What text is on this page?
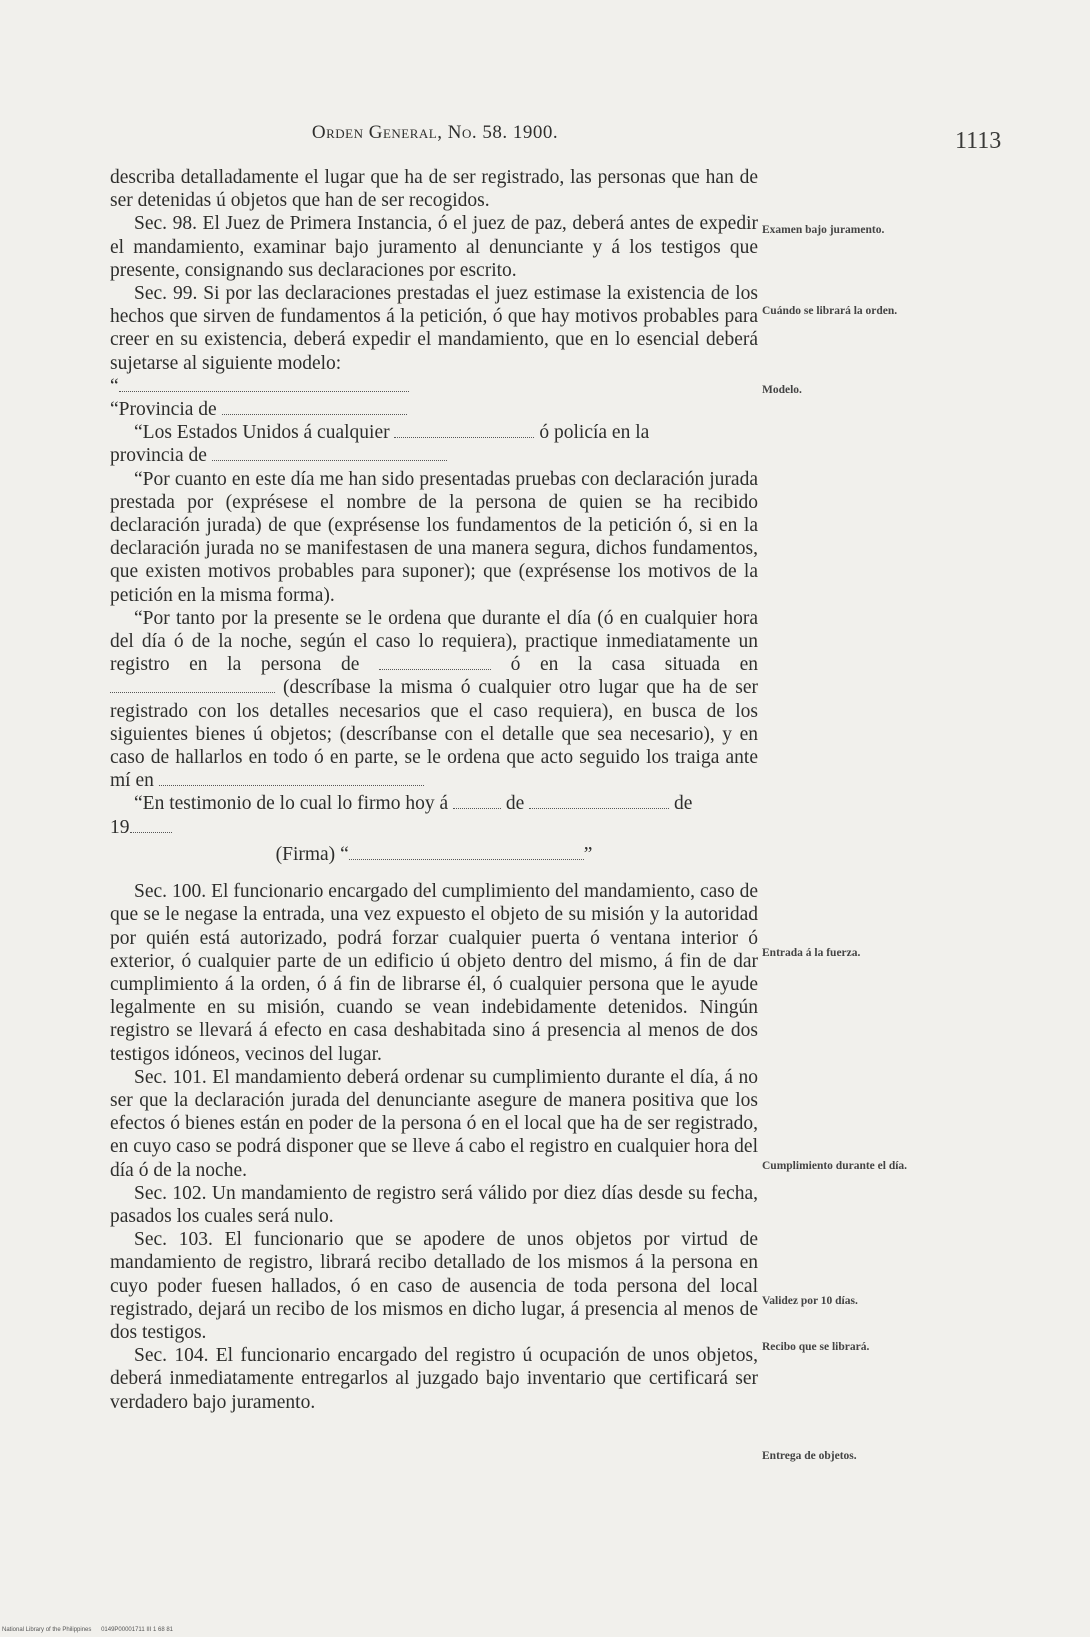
Orden General, No. 58. 1900.	1113

describa detalladamente el lugar que ha de ser registrado, las personas que han de ser detenidas ú objetos que han de ser recogidos.

Sec. 98. El Juez de Primera Instancia, ó el juez de paz, deberá antes de expedir el mandamiento, examinar bajo juramento al denunciante y á los testigos que presente, consignando sus declaraciones por escrito.

Sec. 99. Si por las declaraciones prestadas el juez estimase la existencia de los hechos que sirven de fundamentos á la petición, ó que hay motivos probables para creer en su existencia, deberá expedir el mandamiento, que en lo esencial deberá sujetarse al siguiente modelo:

“

“Provincia de

“Los Estados Unidos á cualquier	ó policía en la

provincia de

“Por cuanto en este día me han sido presentadas pruebas con declaración jurada prestada por (exprésese el nombre de la persona de quien se ha recibido declaración jurada) de que (exprésense los fundamentos de la petición ó, si en la declaración jurada no se manifestasen de una manera segura, dichos fundamentos, que existen motivos probables para suponer); que (exprésense los motivos de la petición en la misma forma).

“Por tanto por la presente se le ordena que durante el día (ó en cualquier hora del día ó de la noche, según el caso lo requiera), practique inmediatamente un registro en la persona de	ó en la casa situada en  (descríbase la misma ó cualquier otro lugar que ha de ser registrado con los detalles necesarios que el caso requiera), en busca de los siguientes bienes ú objetos; (descríbanse con el detalle que sea necesario), y en caso de hallarlos en todo ó en parte, se le ordena que acto seguido los traiga ante mí en

“En testimonio de lo cual lo firmo hoy á	de	de

19

(Firma) “	”

Sec. 100. El funcionario encargado del cumplimiento del mandamiento, caso de que se le negase la entrada, una vez expuesto el objeto de su misión y la autoridad por quién está autorizado, podrá forzar cualquier puerta ó ventana interior ó exterior, ó cualquier parte de un edificio ú objeto dentro del mismo, á fin de dar cumplimiento á la orden, ó á fin de librarse él, ó cualquier persona que le ayude legalmente en su misión, cuando se vean indebidamente detenidos. Ningún registro se llevará á efecto en casa deshabitada sino á presencia al menos de dos testigos idóneos, vecinos del lugar.

Sec. 101. El mandamiento deberá ordenar su cumplimiento durante el día, á no ser que la declaración jurada del denunciante asegure de manera positiva que los efectos ó bienes están en poder de la persona ó en el local que ha de ser registrado, en cuyo caso se podrá disponer que se lleve á cabo el registro en cualquier hora del día ó de la noche.

Sec. 102. Un mandamiento de registro será válido por diez días desde su fecha, pasados los cuales será nulo.

Sec. 103. El funcionario que se apodere de unos objetos por virtud de mandamiento de registro, librará recibo detallado de los mismos á la persona en cuyo poder fuesen hallados, ó en caso de ausencia de toda persona del local registrado, dejará un recibo de los mismos en dicho lugar, á presencia al menos de dos testigos.

Sec. 104. El funcionario encargado del registro ú ocupación de unos objetos, deberá inmediatamente entregarlos al juzgado bajo inventario que certificará ser verdadero bajo juramento.

Examen bajo juramento.
Cuándo se librará la orden.
Modelo.
Entrada á la fuerza.
Cumplimiento durante el día.
Validez por 10 días.
Recibo que se librará.
Entrega de objetos.
National Library of the Philippines 0149P00001711 III 1 68 81
